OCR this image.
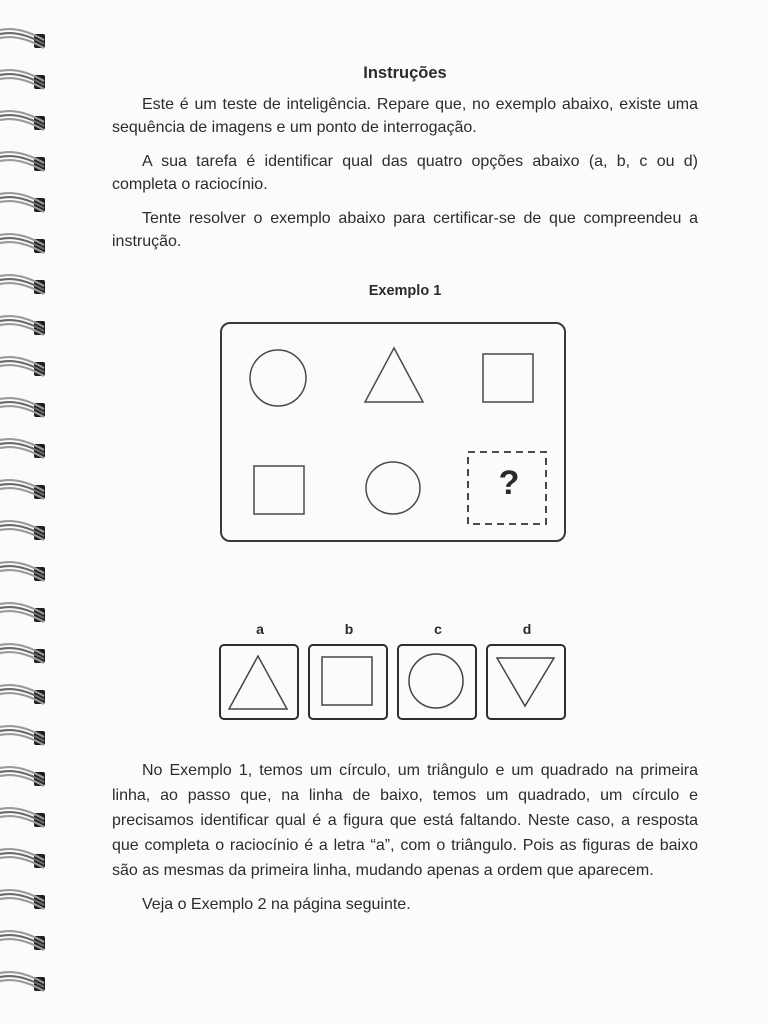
Instruções

Este é um teste de inteligência. Repare que, no exemplo abaixo, existe uma sequência de imagens e um ponto de interrogação.

A sua tarefa é identificar qual das quatro opções abaixo (a, b, c ou d) completa o raciocínio.

Tente resolver o exemplo abaixo para certificar-se de que compreendeu a instrução.

Exemplo 1
?
a	b	c	d

No Exemplo 1, temos um círculo, um triângulo e um quadrado na primeira linha, ao passo que, na linha de baixo, temos um quadrado, um círculo e precisamos identificar qual é a figura que está faltando. Neste caso, a resposta que completa o raciocínio é a letra “a”, com o triângulo. Pois as figuras de baixo são as mesmas da primeira linha, mudando apenas a ordem que aparecem.

Veja o Exemplo 2 na página seguinte.
